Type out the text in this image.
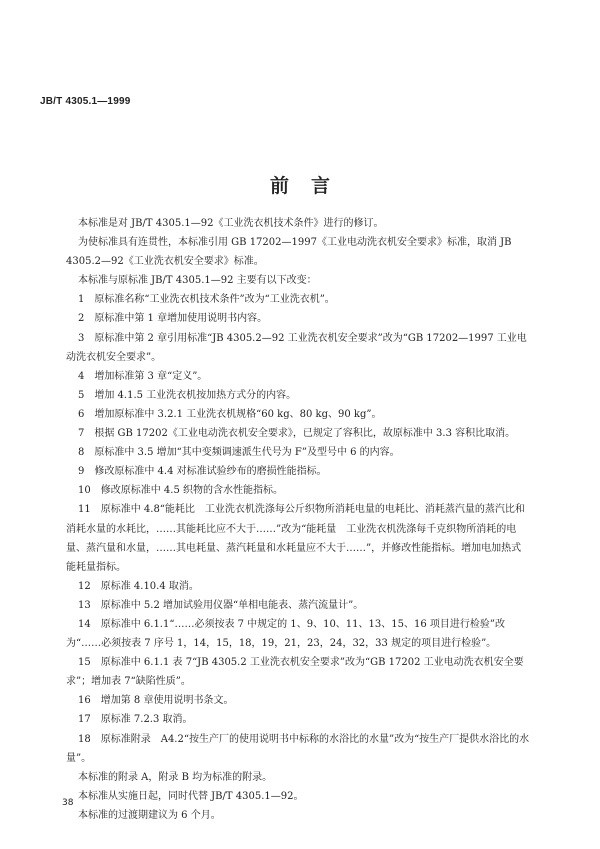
JB/T 4305.1—1999
前言

本标准是对 JB/T 4305.1—92《工业洗衣机技术条件》进行的修订。

为使标准具有连贯性，本标准引用 GB 17202—1997《工业电动洗衣机安全要求》标准，取消 JB 4305.2—92《工业洗衣机安全要求》标准。

本标准与原标准 JB/T 4305.1—92 主要有以下改变：

1　原标准名称“工业洗衣机技术条件”改为“工业洗衣机”。

2　原标准中第 1 章增加使用说明书内容。

3　原标准中第 2 章引用标准“JB 4305.2—92 工业洗衣机安全要求”改为“GB 17202—1997 工业电动洗衣机安全要求”。

4　增加标准第 3 章“定义”。

5　增加 4.1.5 工业洗衣机按加热方式分的内容。

6　增加原标准中 3.2.1 工业洗衣机规格“60 kg、80 kg、90 kg”。

7　根据 GB 17202《工业电动洗衣机安全要求》，已规定了容积比，故原标准中 3.3 容积比取消。

8　原标准中 3.5 增加“其中变频调速派生代号为 F”及型号中 6 的内容。

9　修改原标准中 4.4 对标准试验纱布的磨损性能指标。

10　修改原标准中 4.5 织物的含水性能指标。

11　原标准中 4.8“能耗比　工业洗衣机洗涤每公斤织物所消耗电量的电耗比、消耗蒸汽量的蒸汽比和消耗水量的水耗比，……其能耗比应不大于……”改为“能耗量　工业洗衣机洗涤每千克织物所消耗的电量、蒸汽量和水量，……其电耗量、蒸汽耗量和水耗量应不大于……”，并修改性能指标。增加电加热式能耗量指标。

12　原标准 4.10.4 取消。

13　原标准中 5.2 增加试验用仪器“单相电能表、蒸汽流量计”。

14　原标准中 6.1.1“……必须按表 7 中规定的 1、9、10、11、13、15、16 项目进行检验”改为“……必须按表 7 序号 1，14，15，18，19，21，23，24，32，33 规定的项目进行检验”。

15　原标准中 6.1.1 表 7“JB 4305.2 工业洗衣机安全要求”改为“GB 17202 工业电动洗衣机安全要求”；增加表 7“缺陷性质”。

16　增加第 8 章使用说明书条文。

17　原标准 7.2.3 取消。

18　原标准附录　A4.2“按生产厂的使用说明书中标称的水浴比的水量”改为“按生产厂提供水浴比的水量”。

本标准的附录 A，附录 B 均为标准的附录。

本标准从实施日起，同时代替 JB/T 4305.1—92。

本标准的过渡期建议为 6 个月。

38
